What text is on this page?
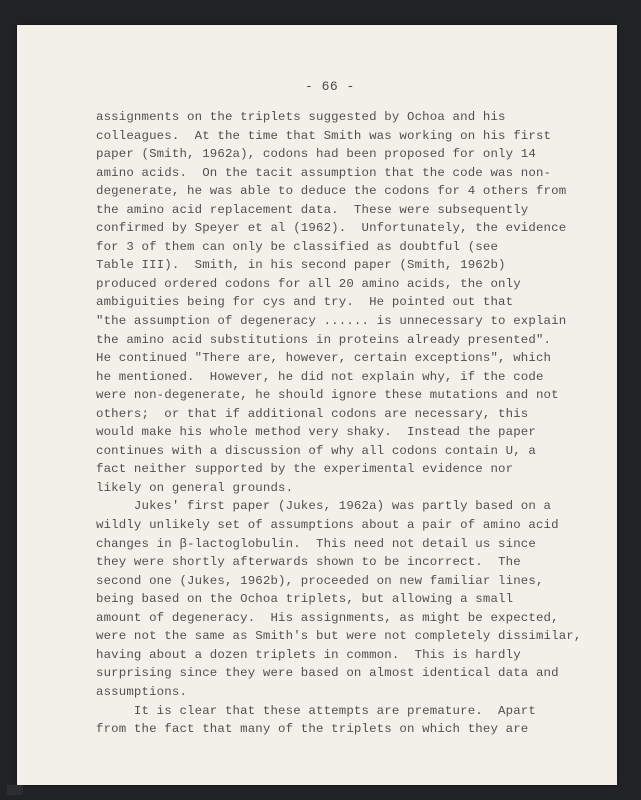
- 66 -
assignments on the triplets suggested by Ochoa and his
colleagues.  At the time that Smith was working on his first
paper (Smith, 1962a), codons had been proposed for only 14
amino acids.  On the tacit assumption that the code was non-
degenerate, he was able to deduce the codons for 4 others from
the amino acid replacement data.  These were subsequently
confirmed by Speyer et al (1962).  Unfortunately, the evidence
for 3 of them can only be classified as doubtful (see
Table III).  Smith, in his second paper (Smith, 1962b)
produced ordered codons for all 20 amino acids, the only
ambiguities being for cys and try.  He pointed out that
"the assumption of degeneracy ...... is unnecessary to explain
the amino acid substitutions in proteins already presented".
He continued "There are, however, certain exceptions", which
he mentioned.  However, he did not explain why, if the code
were non-degenerate, he should ignore these mutations and not
others;  or that if additional codons are necessary, this
would make his whole method very shaky.  Instead the paper
continues with a discussion of why all codons contain U, a
fact neither supported by the experimental evidence nor
likely on general grounds.
Jukes' first paper (Jukes, 1962a) was partly based on a
wildly unlikely set of assumptions about a pair of amino acid
changes in β-lactoglobulin.  This need not detail us since
they were shortly afterwards shown to be incorrect.  The
second one (Jukes, 1962b), proceeded on new familiar lines,
being based on the Ochoa triplets, but allowing a small
amount of degeneracy.  His assignments, as might be expected,
were not the same as Smith's but were not completely dissimilar,
having about a dozen triplets in common.  This is hardly
surprising since they were based on almost identical data and
assumptions.
It is clear that these attempts are premature.  Apart
from the fact that many of the triplets on which they are
